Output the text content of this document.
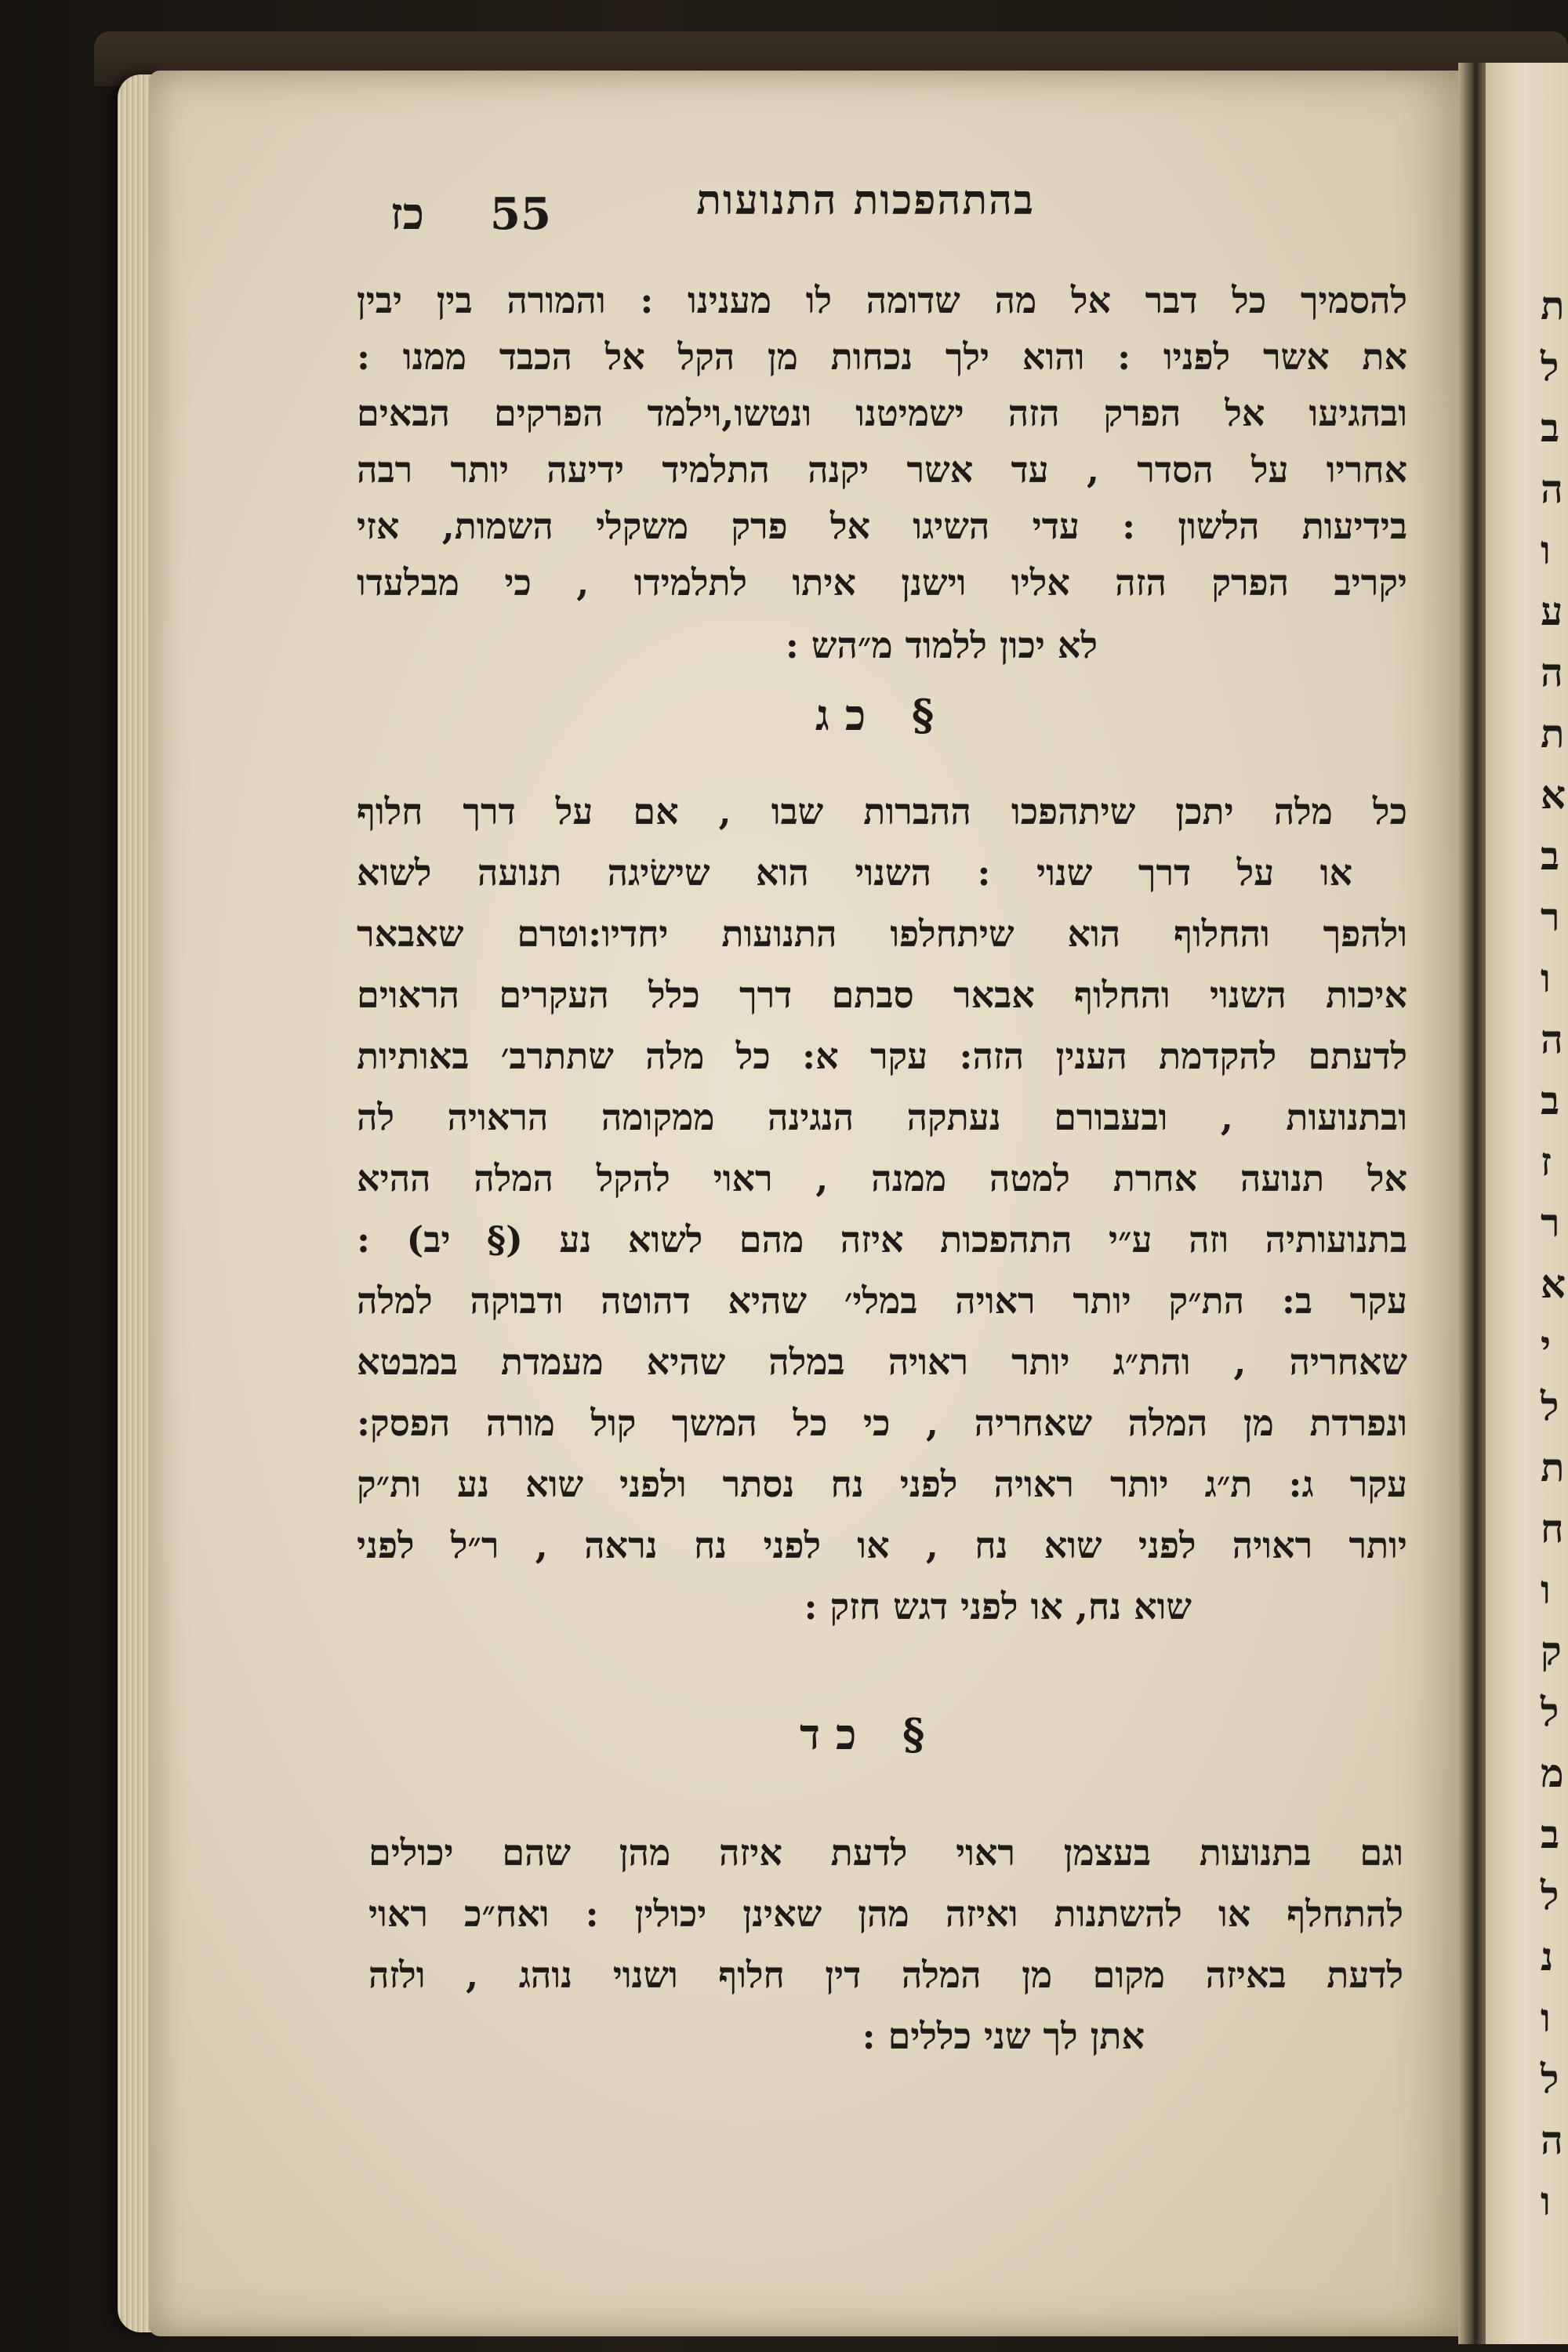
כז 55	בהתהפכות התנועות
להסמיך כל דבר אל מה שדומה לו מענינו : והמורה בין יבין
את אשר לפניו : והוא ילך נכחות מן הקל אל הכבד ממנו :
ובהגיעו אל הפרק הזה ישמיטנו ונטשו,וילמד הפרקים הבאים
אחריו על הסדר , עד אשר יקנה התלמיד ידיעה יותר רבה
בידיעות הלשון : עדי השיגו אל פרק משקלי השמות, אזי
יקריב הפרק הזה אליו וישנן איתו לתלמידו , כי מבלעדו
לא יכון ללמוד מ״הש :
§ כג
כל מלה יתכן שיתהפכו ההברות שבו , אם על דרך חלוף
או על דרך שנוי : השנוי הוא שישׂיגה תנועה לשוא
ולהפך והחלוף הוא שיתחלפו התנועות יחדיו:וטרם שאבאר
איכות השנוי והחלוף אבאר סבתם דרך כלל העקרים הראוים
לדעתם להקדמת הענין הזה: עקר א: כל מלה שתתרב׳ באותיות
ובתנועות , ובעבורם נעתקה הנגינה ממקומה הראויה לה
אל תנועה אחרת למטה ממנה , ראוי להקל המלה ההיא
בתנועותיה וזה ע״י התהפכות איזה מהם לשוא נע (§ יב) :
עקר ב: הת״ק יותר ראויה במלי׳ שהיא דהוטה ודבוקה למלה
שאחריה , והת״ג יותר ראויה במלה שהיא מעמדת במבטא
ונפרדת מן המלה שאחריה , כי כל המשך קול מורה הפסק:
עקר ג: ת״ג יותר ראויה לפני נח נסתר ולפני שוא נע ות״ק
יותר ראויה לפני שוא נח , או לפני נח נראה , ר״ל לפני
שוא נח, או לפני דגש חזק :
§ כד
וגם בתנועות בעצמן ראוי לדעת איזה מהן שהם יכולים
להתחלף או להשתנות ואיזה מהן שאינן יכולין : ואח״כ ראוי
לדעת באיזה מקום מן המלה דין חלוף ושנוי נוהג , ולזה
אתן לך שני כללים :
ת
ל
ב
ה
ו
ע
ה
ת
א
ב
ר
ו
ה
ב
ז
ר
א
י
ל
ת
ח
ו
ק
ל
מ
ב
ל
נ
ו
ל
ה
ו
